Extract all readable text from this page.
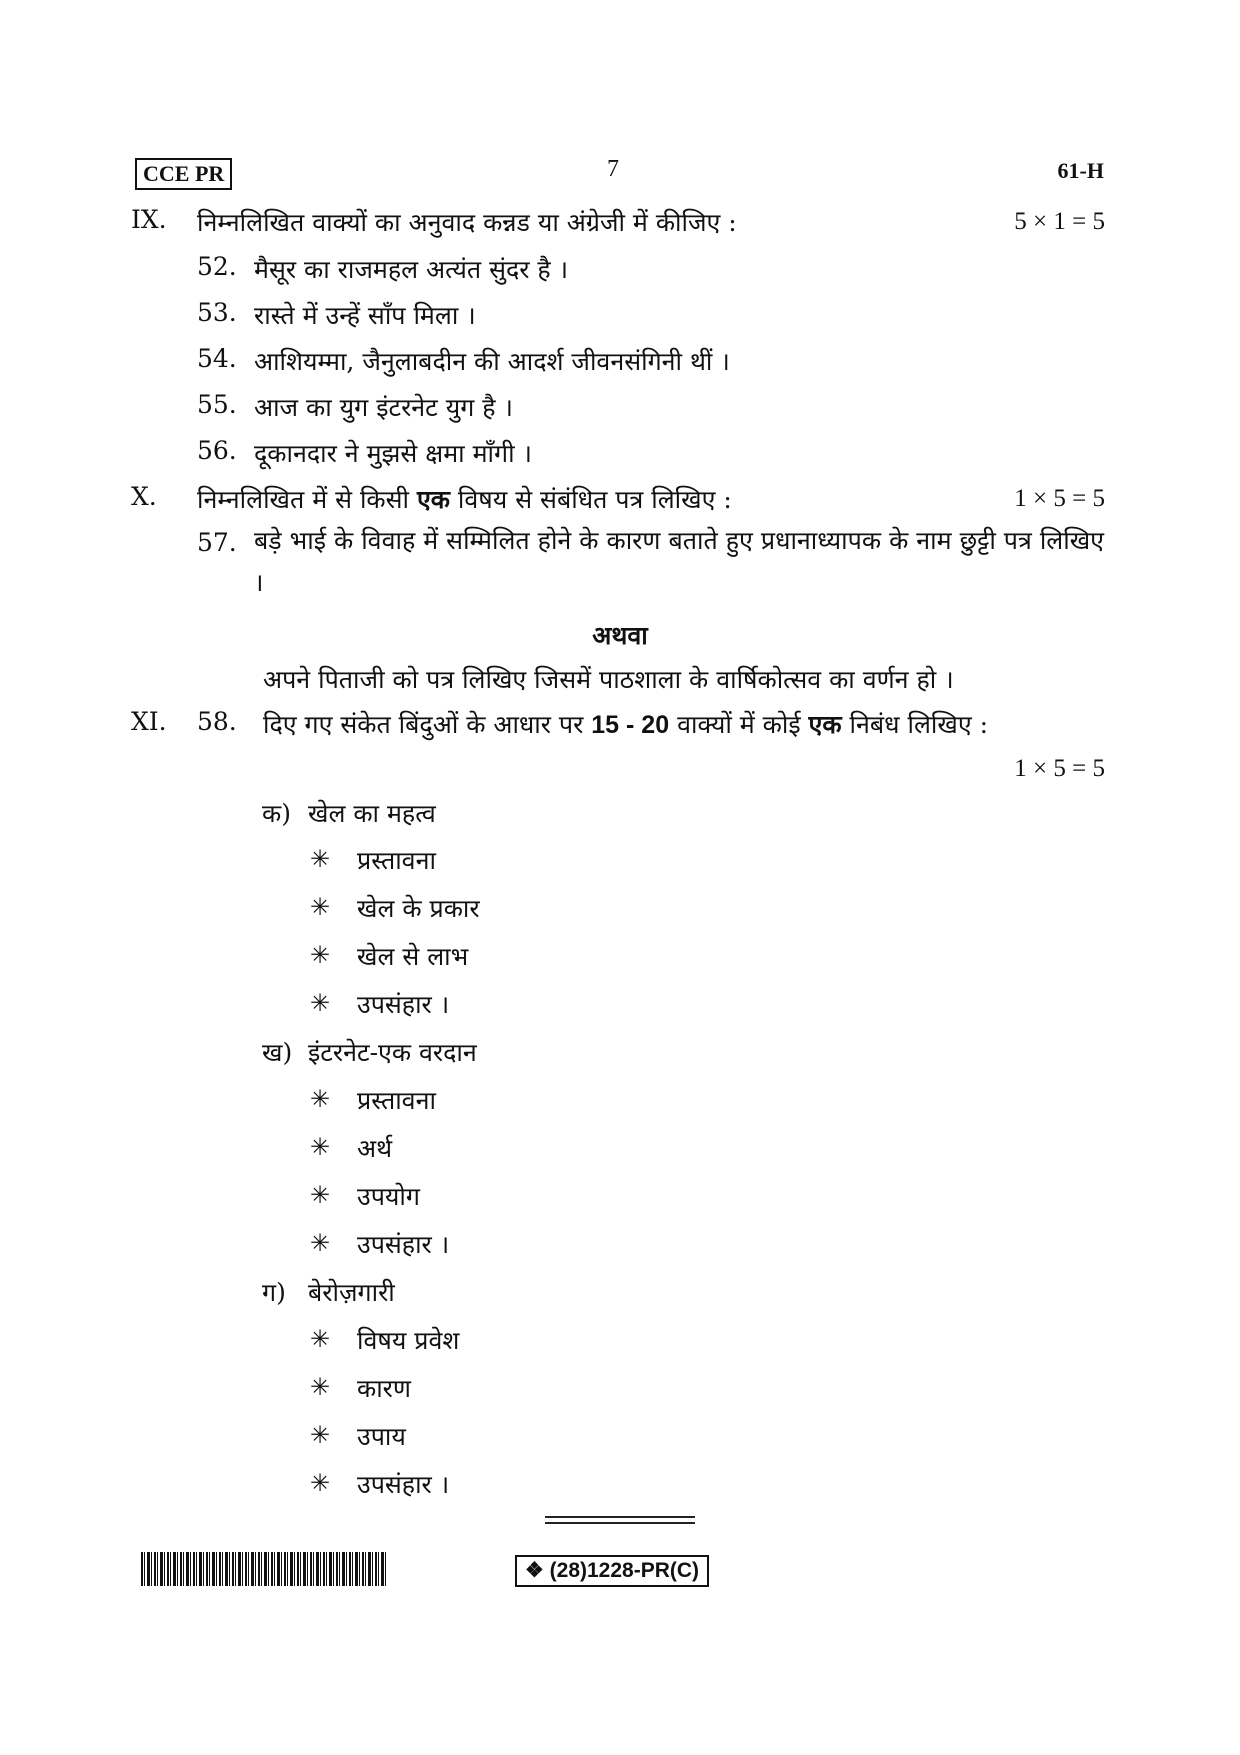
CCE PR	7	61-H
IX. निम्नलिखित वाक्यों का अनुवाद कन्नड या अंग्रेजी में कीजिए :	5 × 1 = 5
52. मैसूर का राजमहल अत्यंत सुंदर है ।
53. रास्ते में उन्हें साँप मिला ।
54. आशियम्मा, जैनुलाबदीन की आदर्श जीवनसंगिनी थीं ।
55. आज का युग इंटरनेट युग है ।
56. दूकानदार ने मुझसे क्षमा माँगी ।
X. निम्नलिखित में से किसी एक विषय से संबंधित पत्र लिखिए :	1 × 5 = 5
57. बड़े भाई के विवाह में सम्मिलित होने के कारण बताते हुए प्रधानाध्यापक के नाम छुट्टी पत्र लिखिए ।
अथवा
अपने पिताजी को पत्र लिखिए जिसमें पाठशाला के वार्षिकोत्सव का वर्णन हो ।
XI. 58. दिए गए संकेत बिंदुओं के आधार पर 15 - 20 वाक्यों में कोई एक निबंध लिखिए :
1 × 5 = 5
क) खेल का महत्व
✳ प्रस्तावना
✳ खेल के प्रकार
✳ खेल से लाभ
✳ उपसंहार ।
ख) इंटरनेट-एक वरदान
✳ प्रस्तावना
✳ अर्थ
✳ उपयोग
✳ उपसंहार ।
ग) बेरोज़गारी
✳ विषय प्रवेश
✳ कारण
✳ उपाय
✳ उपसंहार ।
❖ (28)1228-PR(C)
